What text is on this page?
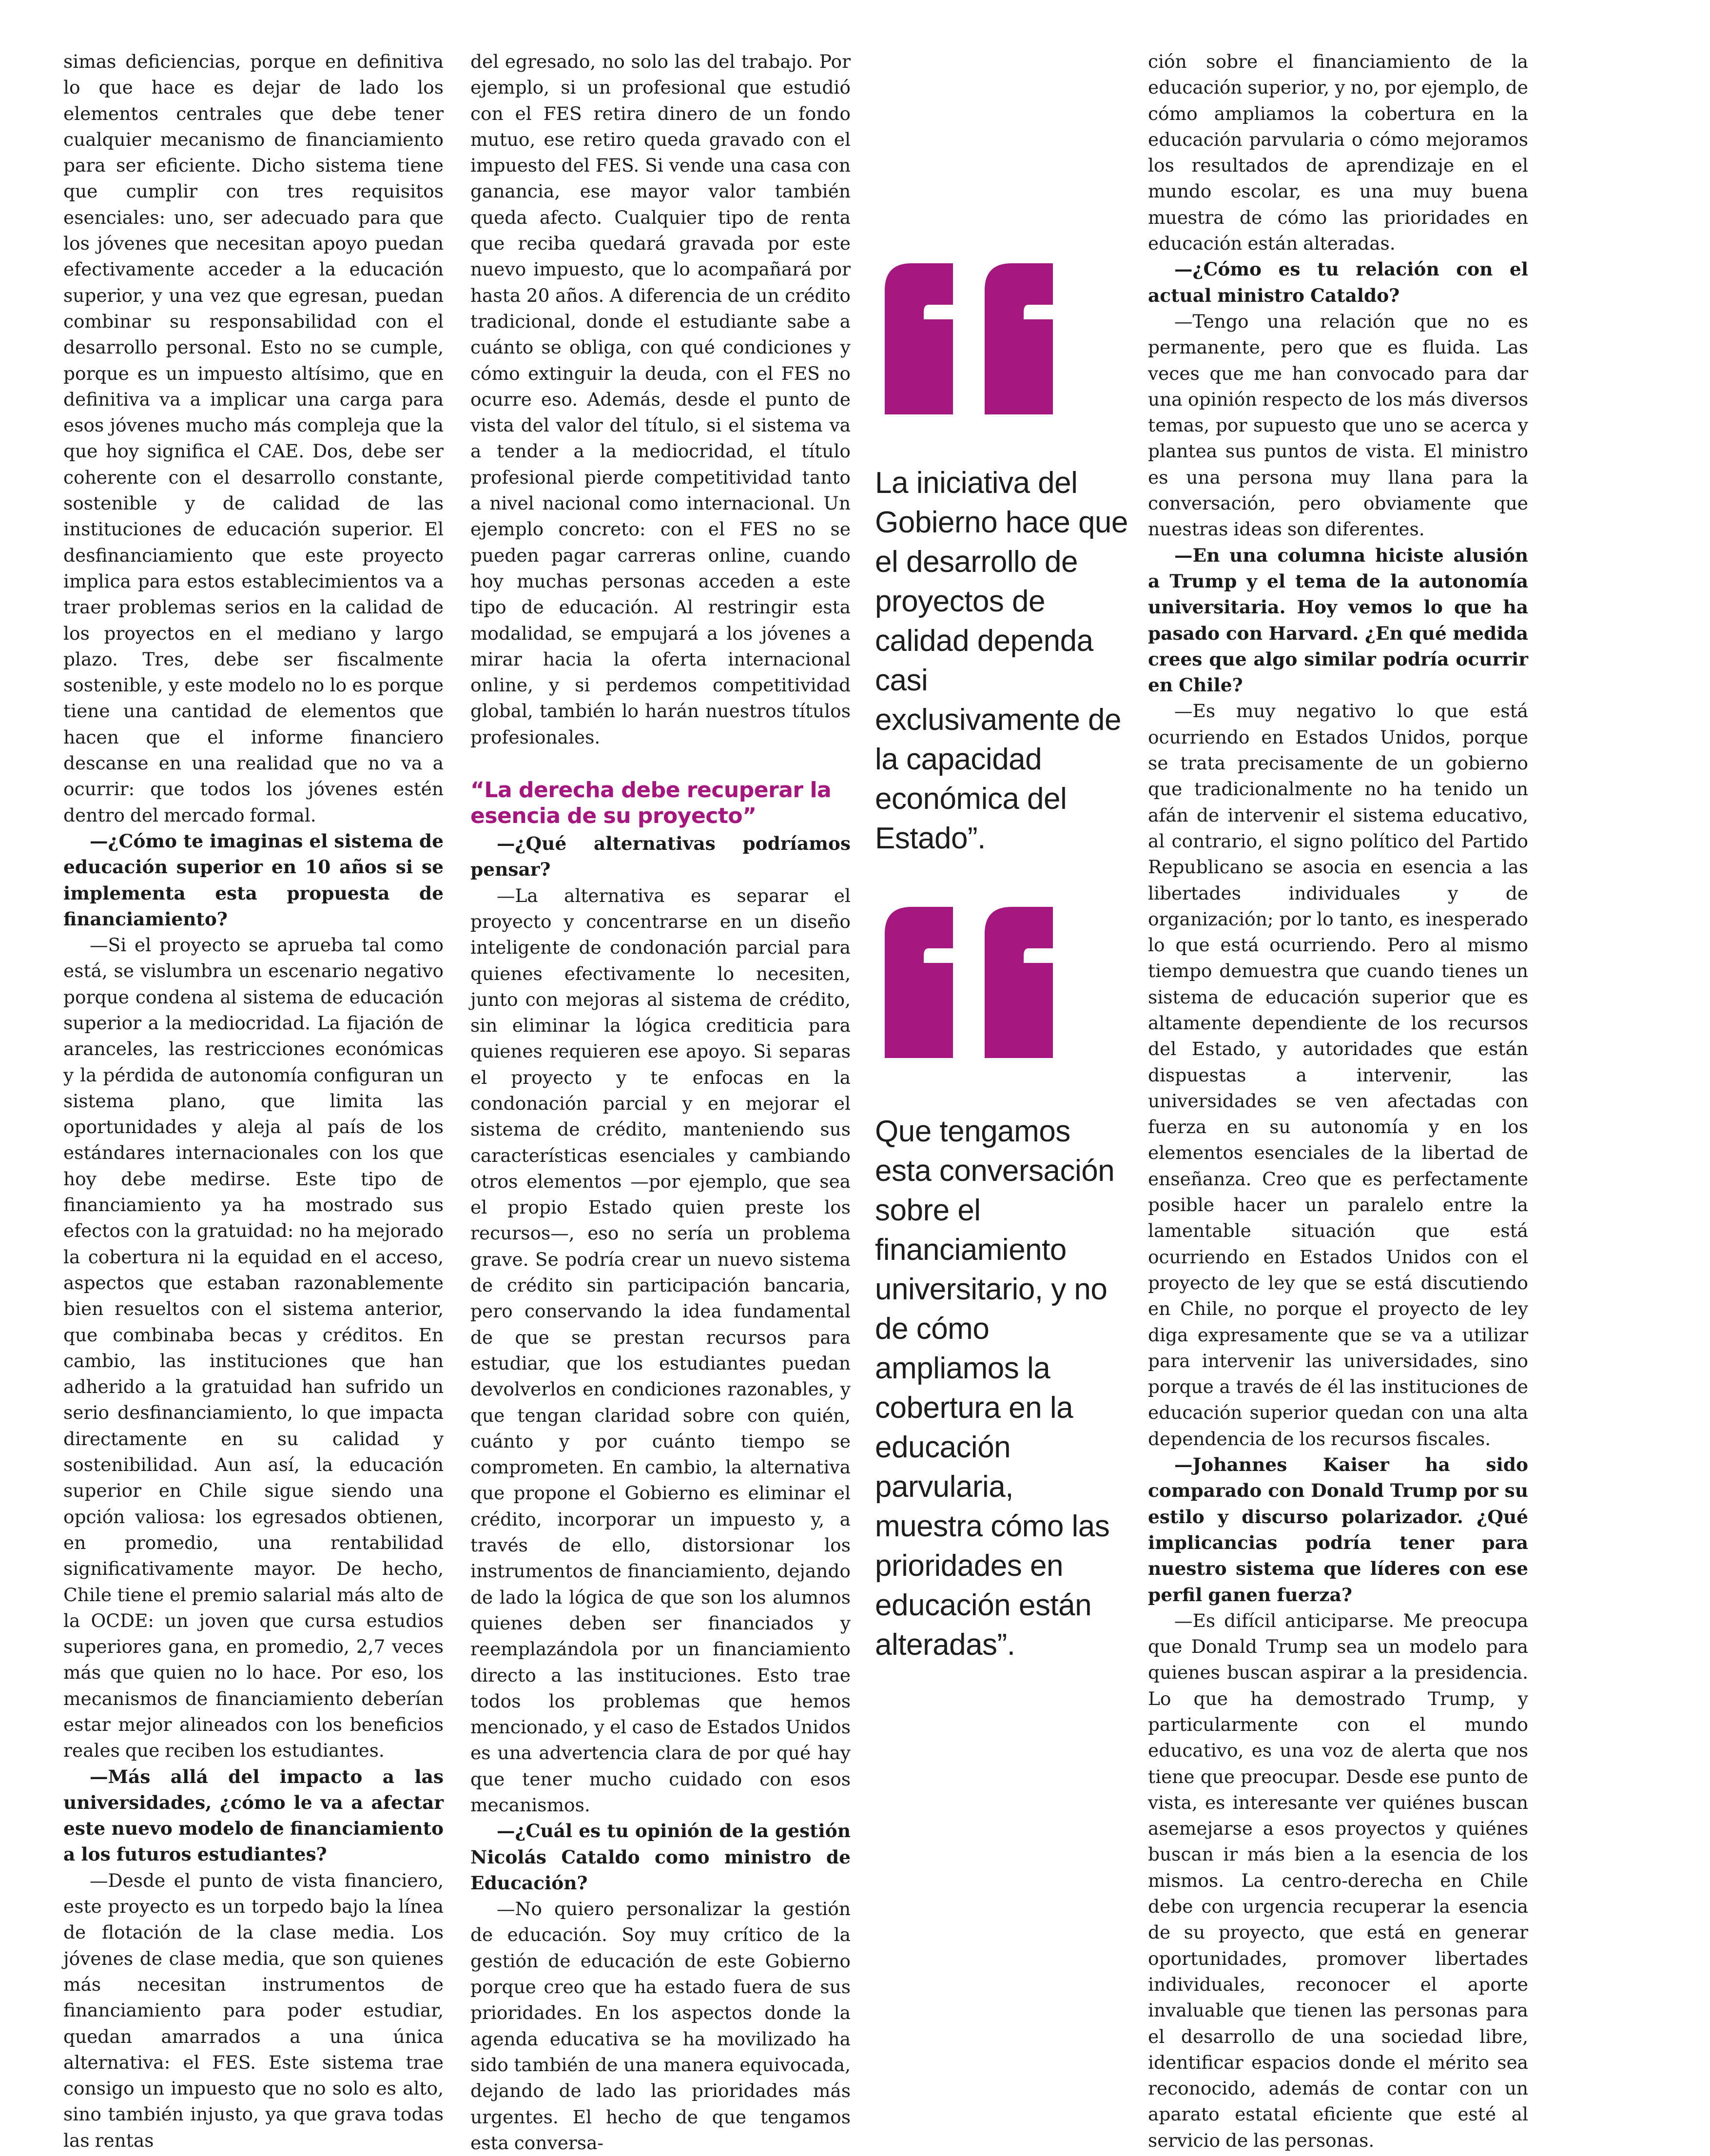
simas deficiencias, porque en definitiva lo que hace es dejar de lado los elementos centrales que debe tener cualquier mecanismo de financiamiento para ser eficiente. Dicho sistema tiene que cumplir con tres requisitos esenciales: uno, ser adecuado para que los jóvenes que necesitan apoyo puedan efectivamente acceder a la educación superior, y una vez que egresan, puedan combinar su responsabilidad con el desarrollo personal. Esto no se cumple, porque es un impuesto altísimo, que en definitiva va a implicar una carga para esos jóvenes mucho más compleja que la que hoy significa el CAE. Dos, debe ser coherente con el desarrollo constante, sostenible y de calidad de las instituciones de educación superior. El desfinanciamiento que este proyecto implica para estos establecimientos va a traer problemas serios en la calidad de los proyectos en el mediano y largo plazo. Tres, debe ser fiscalmente sostenible, y este modelo no lo es porque tiene una cantidad de elementos que hacen que el informe financiero descanse en una realidad que no va a ocurrir: que todos los jóvenes estén dentro del mercado formal.

—¿Cómo te imaginas el sistema de educación superior en 10 años si se implementa esta propuesta de financiamiento?

—Si el proyecto se aprueba tal como está, se vislumbra un escenario negativo porque condena al sistema de educación superior a la mediocridad. La fijación de aranceles, las restricciones económicas y la pérdida de autonomía configuran un sistema plano, que limita las oportunidades y aleja al país de los estándares internacionales con los que hoy debe medirse. Este tipo de financiamiento ya ha mostrado sus efectos con la gratuidad: no ha mejorado la cobertura ni la equidad en el acceso, aspectos que estaban razonablemente bien resueltos con el sistema anterior, que combinaba becas y créditos. En cambio, las instituciones que han adherido a la gratuidad han sufrido un serio desfinanciamiento, lo que impacta directamente en su calidad y sostenibilidad. Aun así, la educación superior en Chile sigue siendo una opción valiosa: los egresados obtienen, en promedio, una rentabilidad significativamente mayor. De hecho, Chile tiene el premio salarial más alto de la OCDE: un joven que cursa estudios superiores gana, en promedio, 2,7 veces más que quien no lo hace. Por eso, los mecanismos de financiamiento deberían estar mejor alineados con los beneficios reales que reciben los estudiantes.

—Más allá del impacto a las universidades, ¿cómo le va a afectar este nuevo modelo de financiamiento a los futuros estudiantes?

—Desde el punto de vista financiero, este proyecto es un torpedo bajo la línea de flotación de la clase media. Los jóvenes de clase media, que son quienes más necesitan instrumentos de financiamiento para poder estudiar, quedan amarrados a una única alternativa: el FES. Este sistema trae consigo un impuesto que no solo es alto, sino también injusto, ya que grava todas las rentas

del egresado, no solo las del trabajo. Por ejemplo, si un profesional que estudió con el FES retira dinero de un fondo mutuo, ese retiro queda gravado con el impuesto del FES. Si vende una casa con ganancia, ese mayor valor también queda afecto. Cualquier tipo de renta que reciba quedará gravada por este nuevo impuesto, que lo acompañará por hasta 20 años. A diferencia de un crédito tradicional, donde el estudiante sabe a cuánto se obliga, con qué condiciones y cómo extinguir la deuda, con el FES no ocurre eso. Además, desde el punto de vista del valor del título, si el sistema va a tender a la mediocridad, el título profesional pierde competitividad tanto a nivel nacional como internacional. Un ejemplo concreto: con el FES no se pueden pagar carreras online, cuando hoy muchas personas acceden a este tipo de educación. Al restringir esta modalidad, se empujará a los jóvenes a mirar hacia la oferta internacional online, y si perdemos competitividad global, también lo harán nuestros títulos profesionales.

“La derecha debe recuperar la esencia de su proyecto”

—¿Qué alternativas podríamos pensar?

—La alternativa es separar el proyecto y concentrarse en un diseño inteligente de condonación parcial para quienes efectivamente lo necesiten, junto con mejoras al sistema de crédito, sin eliminar la lógica crediticia para quienes requieren ese apoyo. Si separas el proyecto y te enfocas en la condonación parcial y en mejorar el sistema de crédito, manteniendo sus características esenciales y cambiando otros elementos —por ejemplo, que sea el propio Estado quien preste los recursos—, eso no sería un problema grave. Se podría crear un nuevo sistema de crédito sin participación bancaria, pero conservando la idea fundamental de que se prestan recursos para estudiar, que los estudiantes puedan devolverlos en condiciones razonables, y que tengan claridad sobre con quién, cuánto y por cuánto tiempo se comprometen. En cambio, la alternativa que propone el Gobierno es eliminar el crédito, incorporar un impuesto y, a través de ello, distorsionar los instrumentos de financiamiento, dejando de lado la lógica de que son los alumnos quienes deben ser financiados y reemplazándola por un financiamiento directo a las instituciones. Esto trae todos los problemas que hemos mencionado, y el caso de Estados Unidos es una advertencia clara de por qué hay que tener mucho cuidado con esos mecanismos.

—¿Cuál es tu opinión de la gestión Nicolás Cataldo como ministro de Educación?

—No quiero personalizar la gestión de educación. Soy muy crítico de la gestión de educación de este Gobierno porque creo que ha estado fuera de sus prioridades. En los aspectos donde la agenda educativa se ha movilizado ha sido también de una manera equivocada, dejando de lado las prioridades más urgentes. El hecho de que tengamos esta conversa-

La iniciativa del Gobierno hace que el desarrollo de proyectos de calidad dependa casi exclusivamente de la capacidad económica del Estado”.

Que tengamos esta conversación sobre el financiamiento universitario, y no de cómo ampliamos la cobertura en la educación parvularia, muestra cómo las prioridades en educación están alteradas”.

ción sobre el financiamiento de la educación superior, y no, por ejemplo, de cómo ampliamos la cobertura en la educación parvularia o cómo mejoramos los resultados de aprendizaje en el mundo escolar, es una muy buena muestra de cómo las prioridades en educación están alteradas.

—¿Cómo es tu relación con el actual ministro Cataldo?

—Tengo una relación que no es permanente, pero que es fluida. Las veces que me han convocado para dar una opinión respecto de los más diversos temas, por supuesto que uno se acerca y plantea sus puntos de vista. El ministro es una persona muy llana para la conversación, pero obviamente que nuestras ideas son diferentes.

—En una columna hiciste alusión a Trump y el tema de la autonomía universitaria. Hoy vemos lo que ha pasado con Harvard. ¿En qué medida crees que algo similar podría ocurrir en Chile?

—Es muy negativo lo que está ocurriendo en Estados Unidos, porque se trata precisamente de un gobierno que tradicionalmente no ha tenido un afán de intervenir el sistema educativo, al contrario, el signo político del Partido Republicano se asocia en esencia a las libertades individuales y de organización; por lo tanto, es inesperado lo que está ocurriendo. Pero al mismo tiempo demuestra que cuando tienes un sistema de educación superior que es altamente dependiente de los recursos del Estado, y autoridades que están dispuestas a intervenir, las universidades se ven afectadas con fuerza en su autonomía y en los elementos esenciales de la libertad de enseñanza. Creo que es perfectamente posible hacer un paralelo entre la lamentable situación que está ocurriendo en Estados Unidos con el proyecto de ley que se está discutiendo en Chile, no porque el proyecto de ley diga expresamente que se va a utilizar para intervenir las universidades, sino porque a través de él las instituciones de educación superior quedan con una alta dependencia de los recursos fiscales.

—Johannes Kaiser ha sido comparado con Donald Trump por su estilo y discurso polarizador. ¿Qué implicancias podría tener para nuestro sistema que líderes con ese perfil ganen fuerza?

—Es difícil anticiparse. Me preocupa que Donald Trump sea un modelo para quienes buscan aspirar a la presidencia. Lo que ha demostrado Trump, y particularmente con el mundo educativo, es una voz de alerta que nos tiene que preocupar. Desde ese punto de vista, es interesante ver quiénes buscan asemejarse a esos proyectos y quiénes buscan ir más bien a la esencia de los mismos. La centro-derecha en Chile debe con urgencia recuperar la esencia de su proyecto, que está en generar oportunidades, promover libertades individuales, reconocer el aporte invaluable que tienen las personas para el desarrollo de una sociedad libre, identificar espacios donde el mérito sea reconocido, además de contar con un aparato estatal eficiente que esté al servicio de las personas.
